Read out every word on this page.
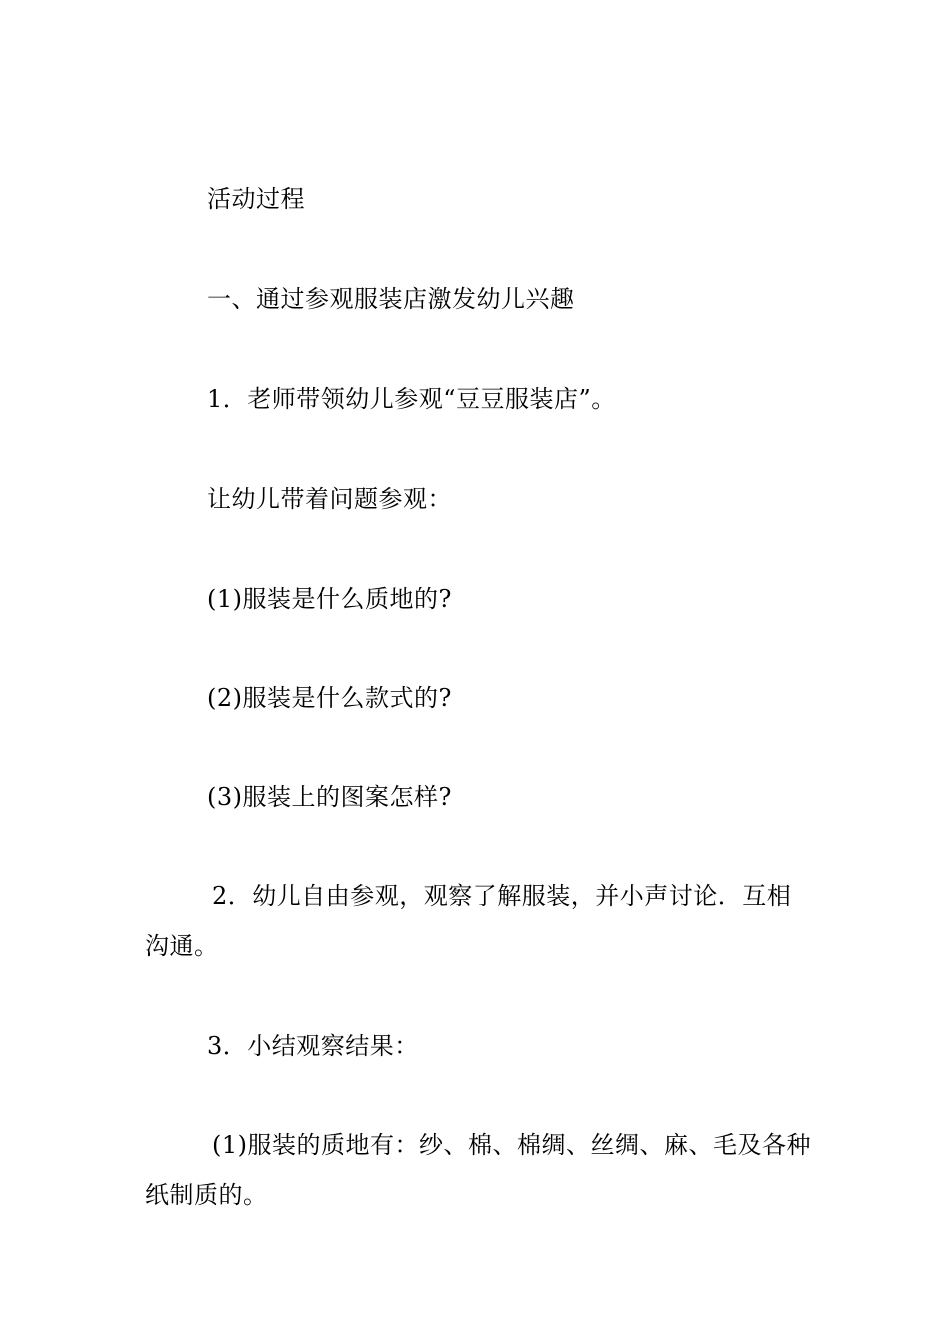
活动过程

一、通过参观服装店激发幼儿兴趣

1．老师带领幼儿参观“豆豆服装店”。

让幼儿带着问题参观：

(1)服装是什么质地的?

(2)服装是什么款式的?

(3)服装上的图案怎样?

2．幼儿自由参观，观察了解服装，并小声讨论．互相沟通。

3．小结观察结果：

(1)服装的质地有：纱、棉、棉绸、丝绸、麻、毛及各种纸制质的。
